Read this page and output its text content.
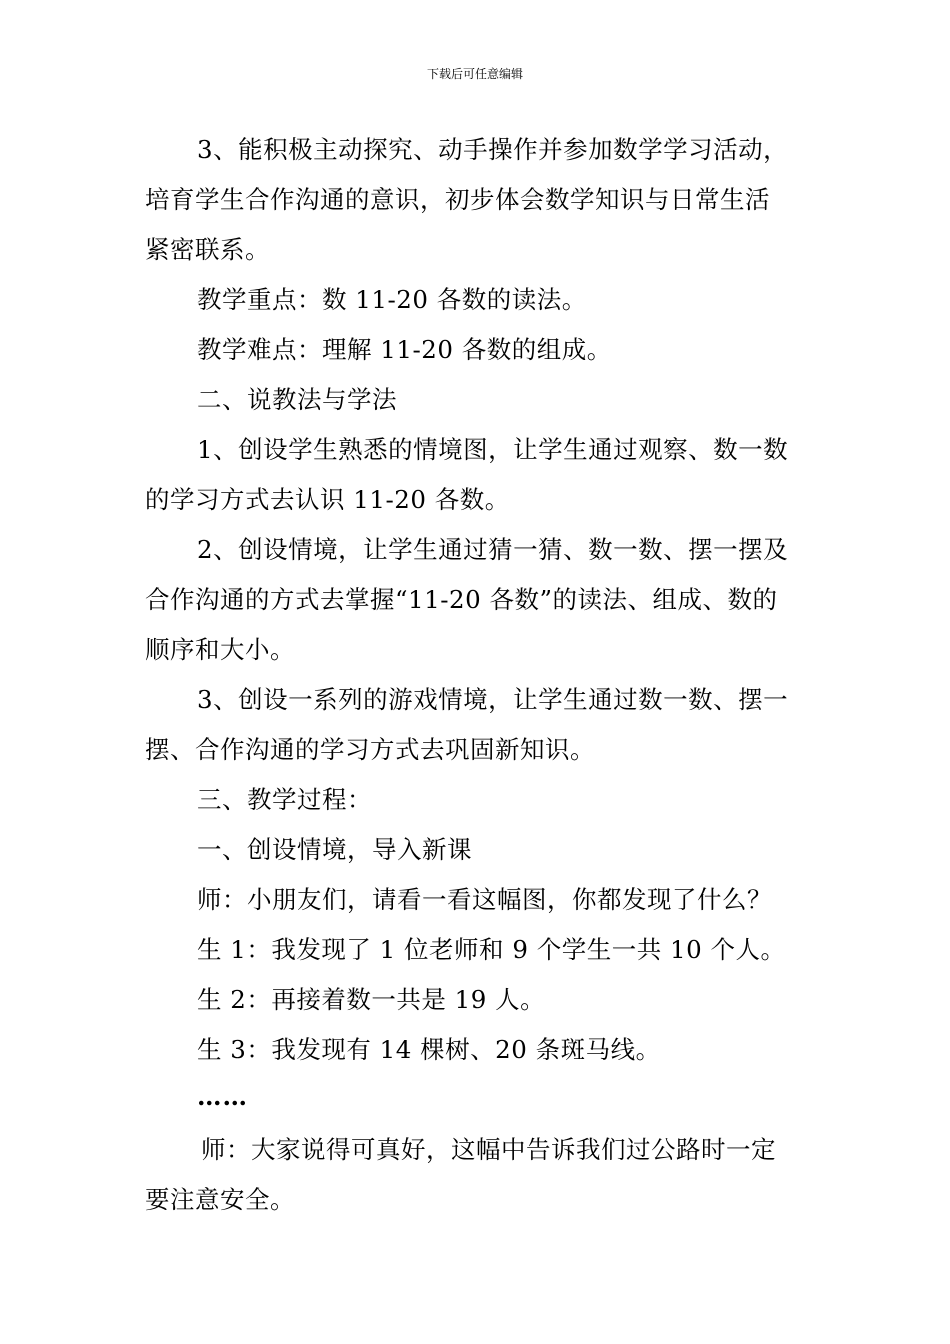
下载后可任意编辑

3、能积极主动探究、动手操作并参加数学学习活动，

培育学生合作沟通的意识，初步体会数学知识与日常生活

紧密联系。

教学重点：数 11-20 各数的读法。

教学难点：理解 11-20 各数的组成。

二、说教法与学法

1、创设学生熟悉的情境图，让学生通过观察、数一数

的学习方式去认识 11-20 各数。

2、创设情境，让学生通过猜一猜、数一数、摆一摆及

合作沟通的方式去掌握“11-20 各数”的读法、组成、数的

顺序和大小。

3、创设一系列的游戏情境，让学生通过数一数、摆一

摆、合作沟通的学习方式去巩固新知识。

三、教学过程：

一、创设情境，导入新课

师：小朋友们，请看一看这幅图，你都发现了什么？

生 1：我发现了 1 位老师和 9 个学生一共 10 个人。

生 2：再接着数一共是 19 人。

生 3：我发现有 14 棵树、20 条斑马线。

……

师：大家说得可真好，这幅中告诉我们过公路时一定

要注意安全。
